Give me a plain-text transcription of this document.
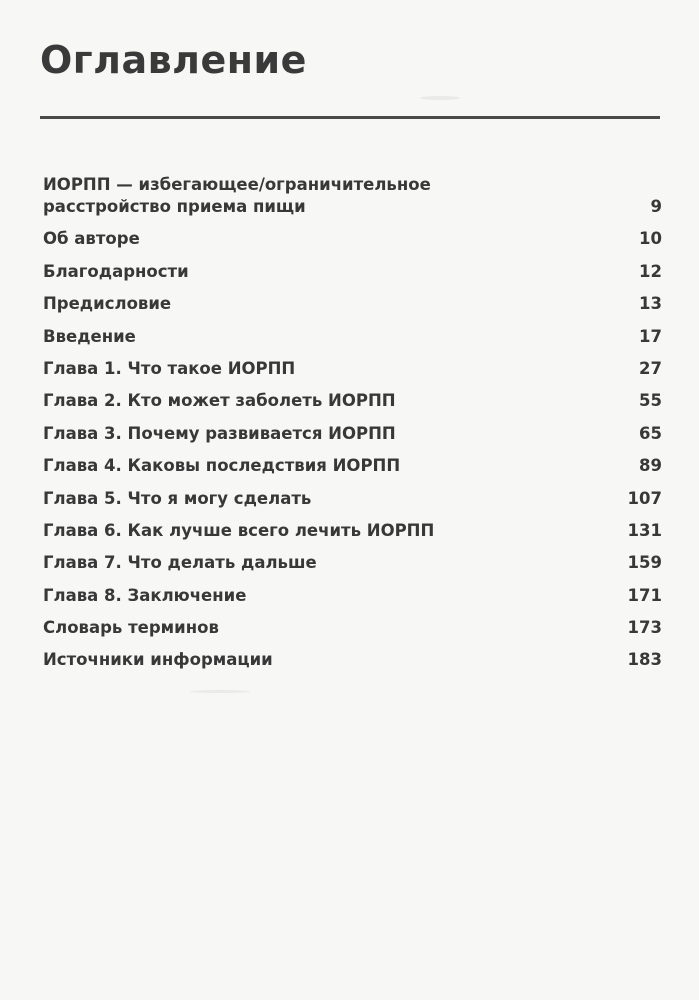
Оглавление
ИОРПП — избегающее/ограничительное
расстройство приема пищи	9
Об авторе	10
Благодарности	12
Предисловие	13
Введение	17
Глава 1. Что такое ИОРПП	27
Глава 2. Кто может заболеть ИОРПП	55
Глава 3. Почему развивается ИОРПП	65
Глава 4. Каковы последствия ИОРПП	89
Глава 5. Что я могу сделать	107
Глава 6. Как лучше всего лечить ИОРПП	131
Глава 7. Что делать дальше	159
Глава 8. Заключение	171
Словарь терминов	173
Источники информации	183
